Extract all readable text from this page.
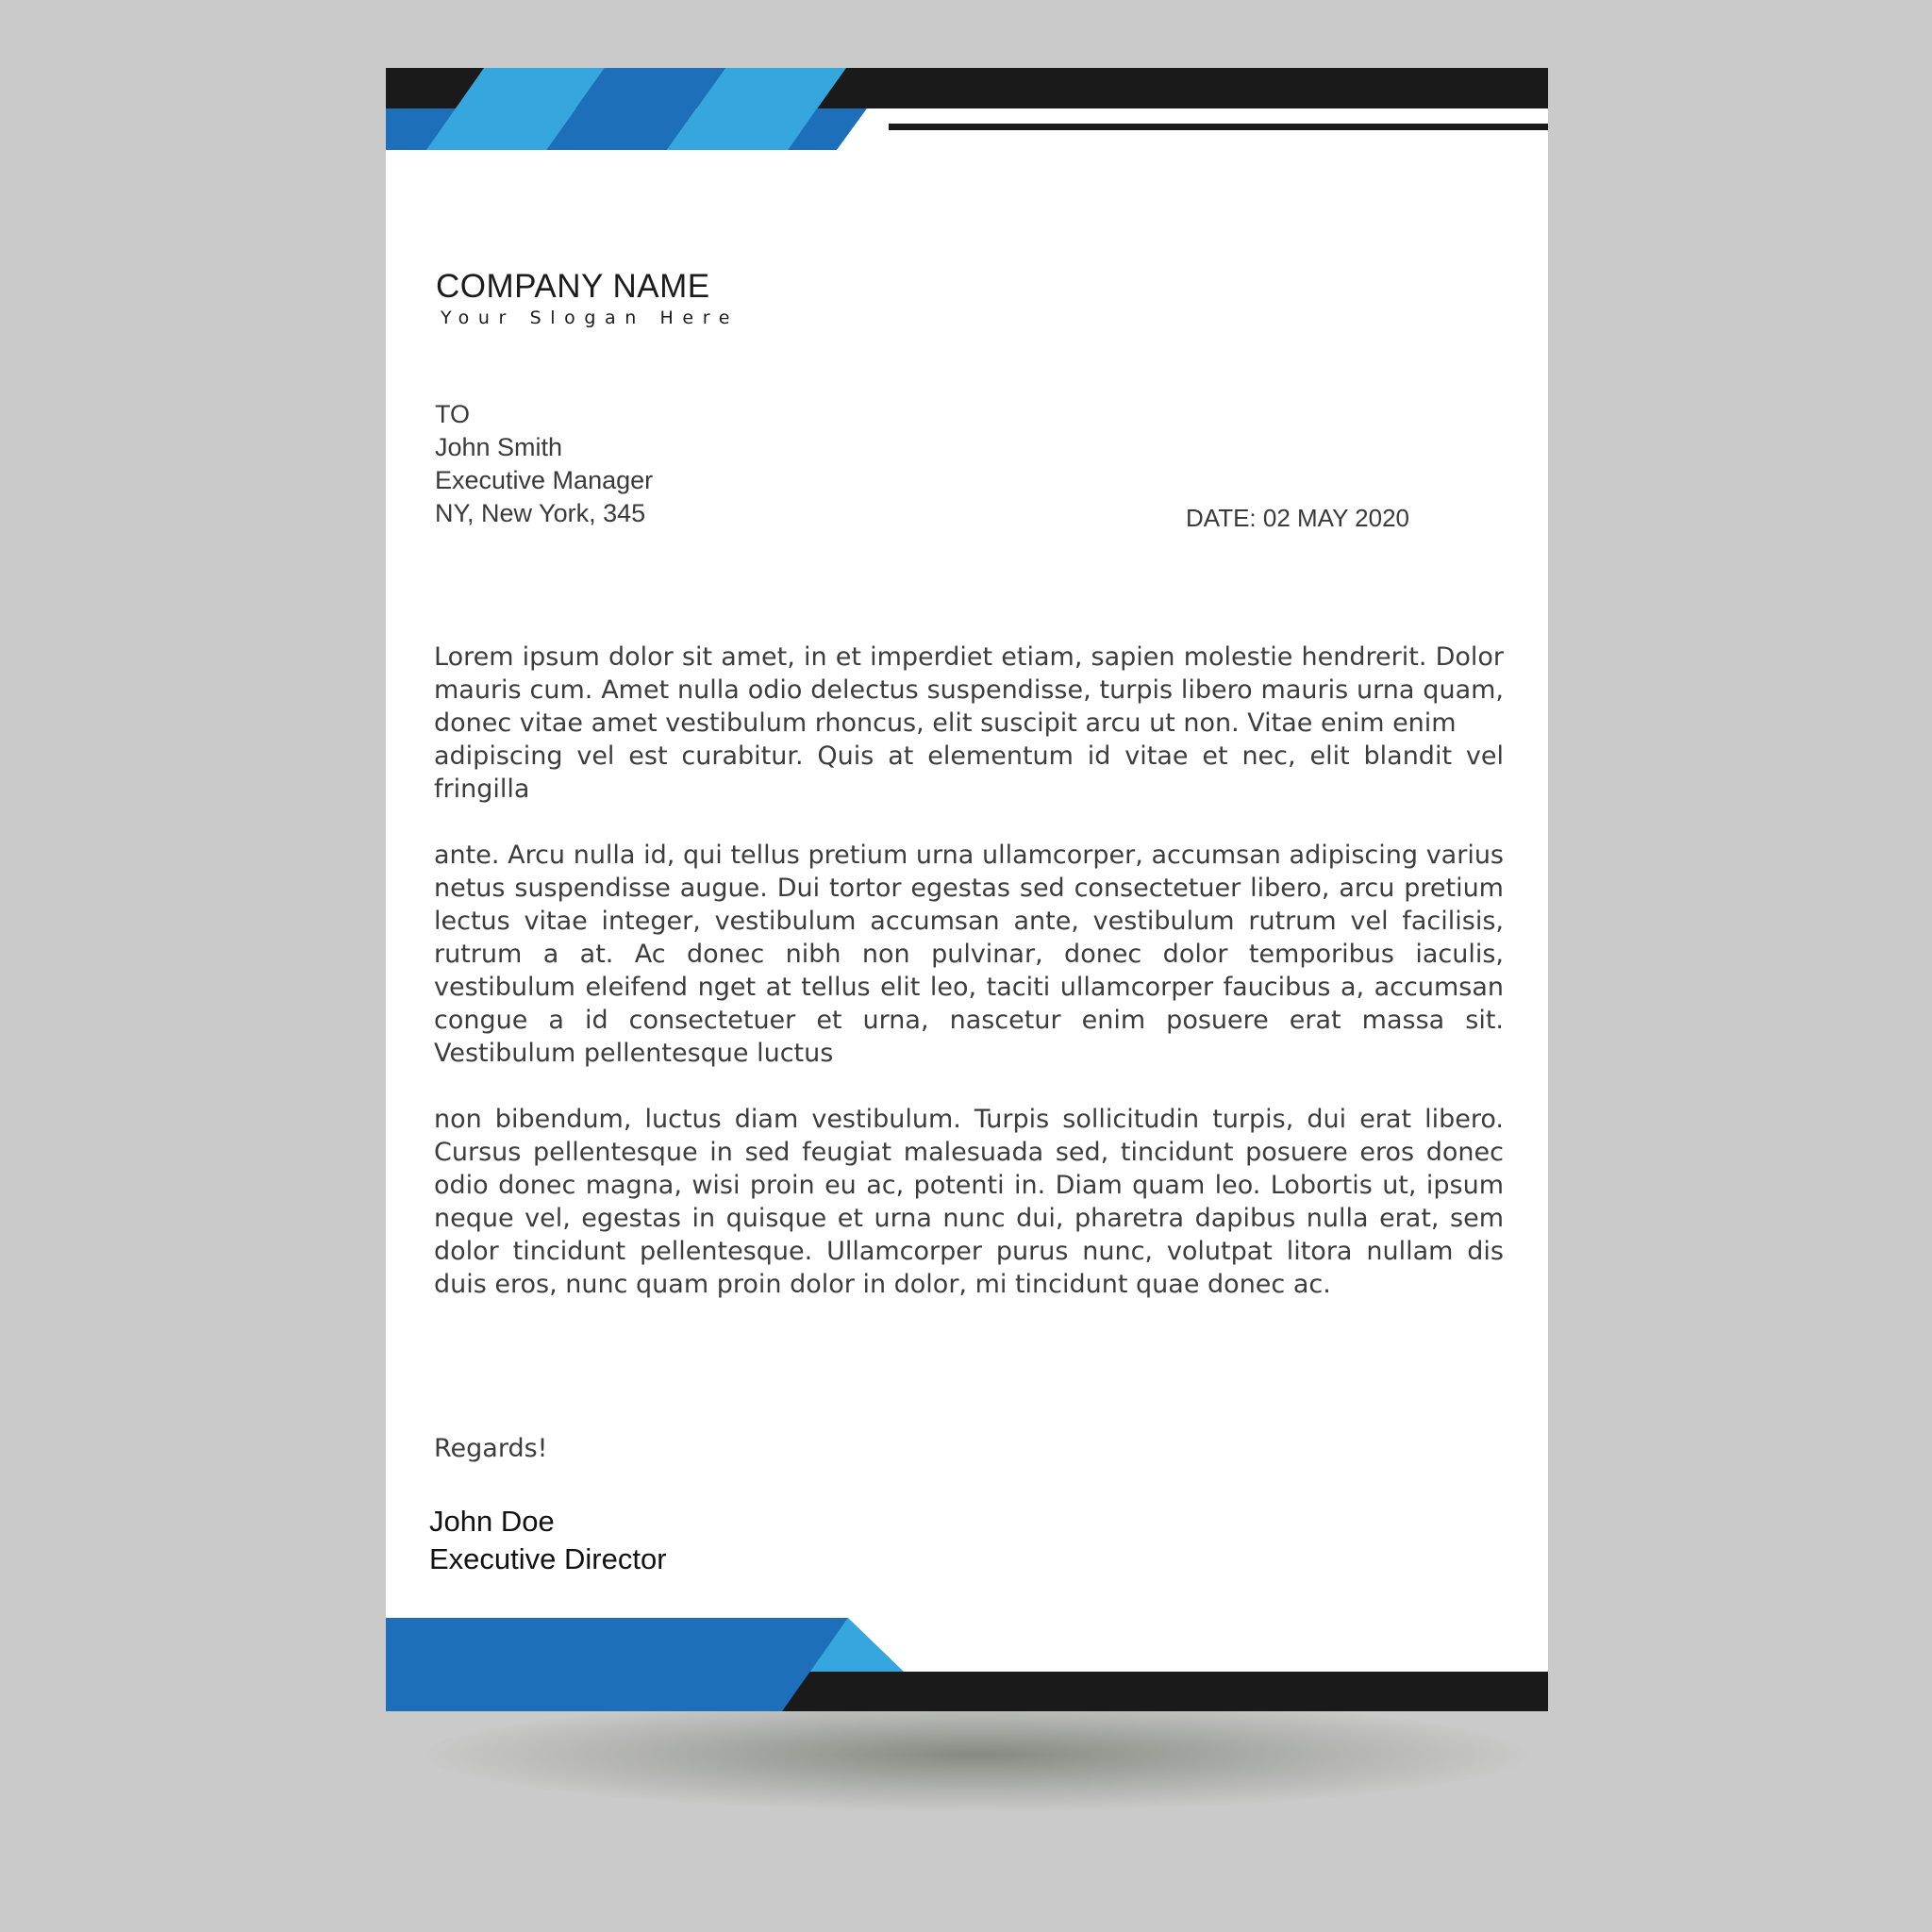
COMPANY NAME
Your Slogan Here
TO
John Smith
Executive Manager
NY, New York, 345	DATE: 02 MAY 2020

Lorem ipsum dolor sit amet, in et imperdiet etiam, sapien molestie hendrerit. Dolor mauris cum. Amet nulla odio delectus suspendisse, turpis libero mauris urna quam, donec vitae amet vestibulum rhoncus, elit suscipit arcu ut non. Vitae enim enim
adipiscing vel est curabitur. Quis at elementum id vitae et nec, elit blandit vel fringilla

ante. Arcu nulla id, qui tellus pretium urna ullamcorper, accumsan adipiscing varius netus suspendisse augue. Dui tortor egestas sed consectetuer libero, arcu pretium lectus vitae integer, vestibulum accumsan ante, vestibulum rutrum vel facilisis, rutrum a at. Ac donec nibh non pulvinar, donec dolor temporibus iaculis, vestibulum eleifend nget at tellus elit leo, taciti ullamcorper faucibus a, accumsan congue a id consectetuer et urna, nascetur enim posuere erat massa sit. Vestibulum pellentesque luctus

non bibendum, luctus diam vestibulum. Turpis sollicitudin turpis, dui erat libero. Cursus pellentesque in sed feugiat malesuada sed, tincidunt posuere eros donec odio donec magna, wisi proin eu ac, potenti in. Diam quam leo. Lobortis ut, ipsum neque vel, egestas in quisque et urna nunc dui, pharetra dapibus nulla erat, sem dolor tincidunt pellentesque. Ullamcorper purus nunc, volutpat litora nullam dis duis eros, nunc quam proin dolor in dolor, mi tincidunt quae donec ac.

Regards!
John Doe
Executive Director
